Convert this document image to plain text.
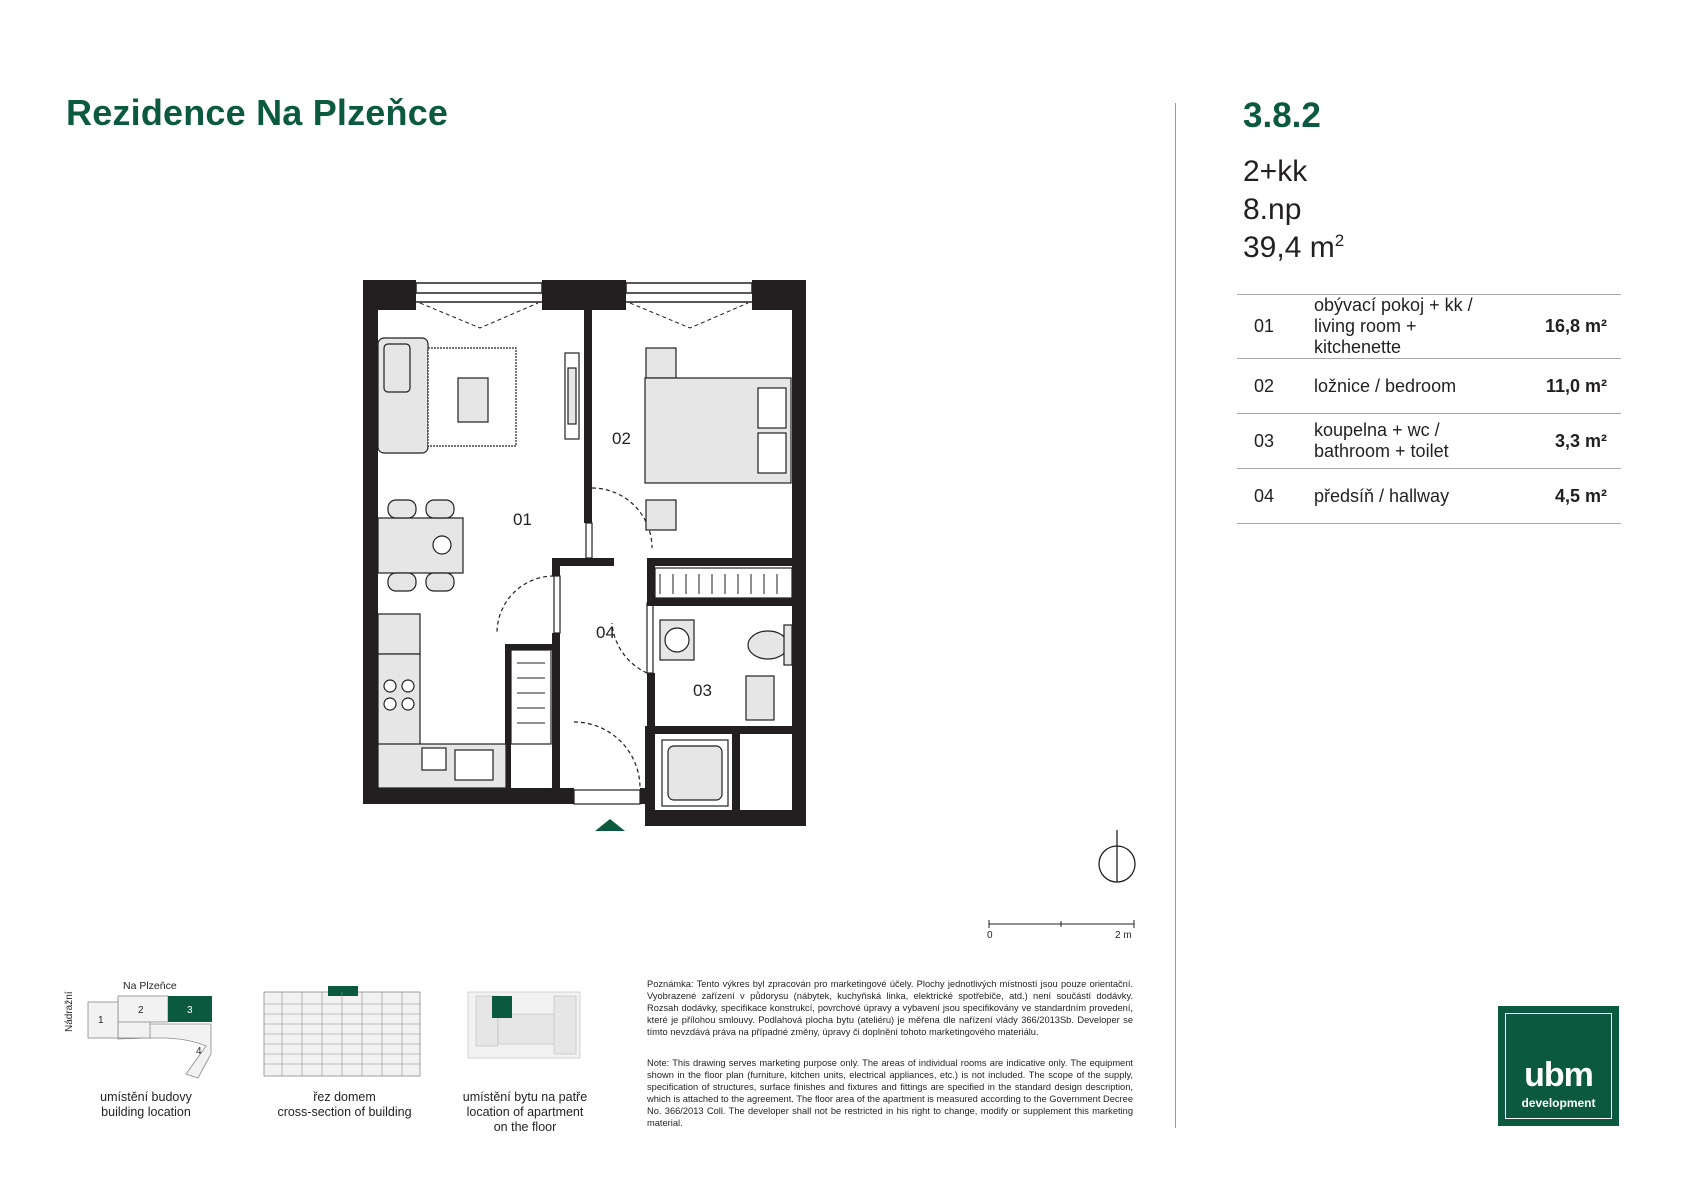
Rezidence Na Plzeňce	3.8.2
2+kk
8.np
39,4 $m^2$
01	obývací pokoj + kk /
living room + kitchenette	16,8 m²
02	ložnice / bedroom	11,0 m²
03	koupelna + wc /
bathroom + toilet	3,3 m²
04	předsíň / hallway	4,5 m²
01
02
03
04
0	2 m
Na Plzeňce
Nádražní 1
2	3
4
umístění budovy
building location
řez domem
cross-section of building
umístění bytu na patře
location of apartment
on the floor
Poznámka: Tento výkres byl zpracován pro marketingové účely. Plochy jednotlivých místností jsou pouze orientační. Vyobrazené zařízení v půdorysu (nábytek, kuchyňská linka, elektrické spotřebiče, atd.) není součástí dodávky. Rozsah dodávky, specifikace konstrukcí, povrchové úpravy a vybavení jsou specifikovány ve standardním provedení, které je přílohou smlouvy. Podlahová plocha bytu (ateliéru) je měřena dle nařízení vlády 366/2013Sb. Developer se tímto nevzdává práva na případné změny, úpravy či doplnění tohoto marketingového materiálu.
Note: This drawing serves marketing purpose only. The areas of individual rooms are indicative only. The equipment shown in the floor plan (furniture, kitchen units, electrical appliances, etc.) is not included. The scope of the supply, specification of structures, surface finishes and fixtures and fittings are specified in the standard design description, which is attached to the agreement. The floor area of the apartment is measured according to the Government Decree No. 366/2013 Coll. The developer shall not be restricted in his right to change, modify or supplement this marketing material.
ubm
development
